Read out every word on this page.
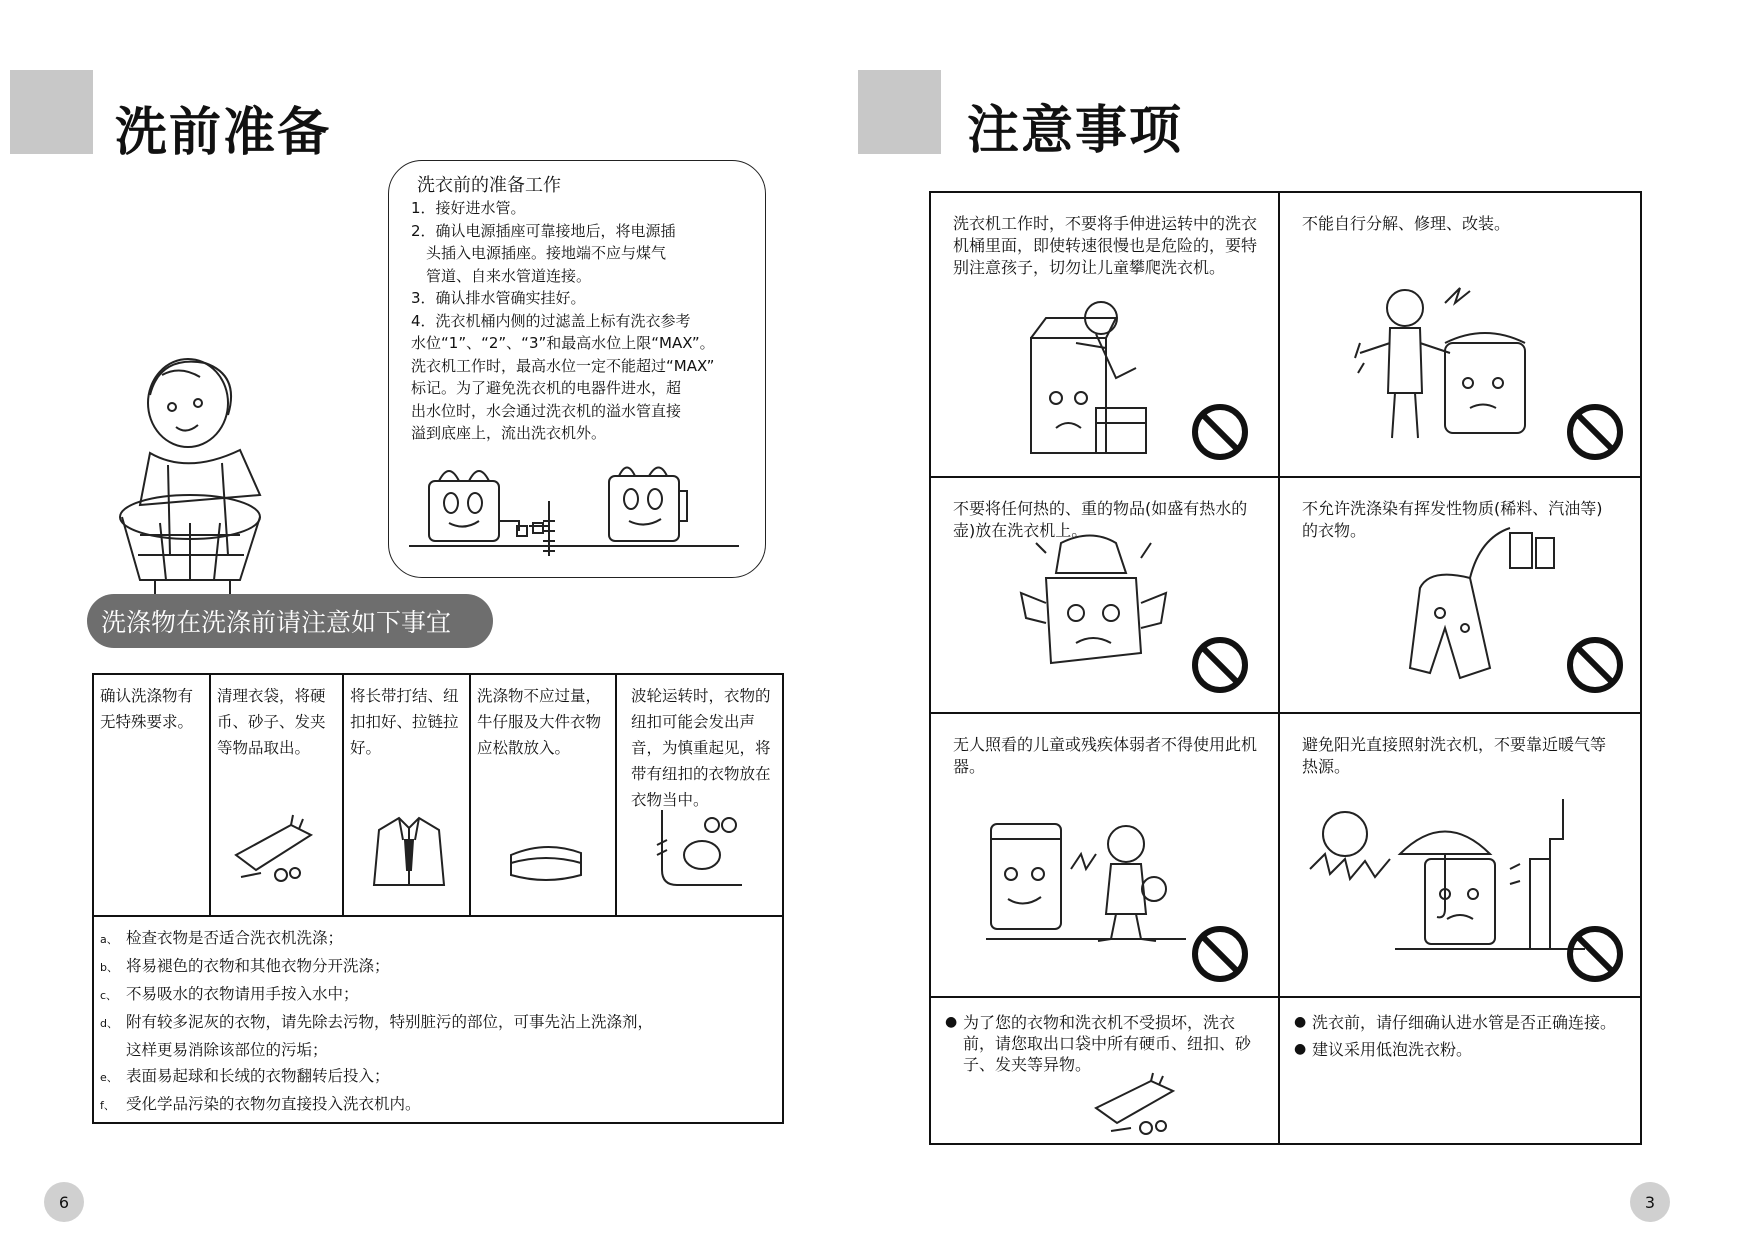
洗前准备
洗衣前的准备工作
1．接好进水管。
2．确认电源插座可靠接地后，将电源插
　头插入电源插座。接地端不应与煤气
　管道、自来水管道连接。
3．确认排水管确实挂好。
4．洗衣机桶内侧的过滤盖上标有洗衣参考
水位“1”、“2”、“3”和最高水位上限“MAX”。
洗衣机工作时，最高水位一定不能超过“MAX”
标记。为了避免洗衣机的电器件进水，超
出水位时，水会通过洗衣机的溢水管直接
溢到底座上，流出洗衣机外。
洗涤物在洗涤前请注意如下事宜
确认洗涤物有无特殊要求。
清理衣袋，将硬币、砂子、发夹等物品取出。
将长带打结、纽扣扣好、拉链拉好。
洗涤物不应过量，牛仔服及大件衣物应松散放入。
波轮运转时，衣物的纽扣可能会发出声音，为慎重起见，将带有纽扣的衣物放在衣物当中。
a、 检查衣物是否适合洗衣机洗涤；
b、 将易褪色的衣物和其他衣物分开洗涤；
c、 不易吸水的衣物请用手按入水中；
d、 附有较多泥灰的衣物，请先除去污物，特别脏污的部位，可事先沾上洗涤剂，
这样更易消除该部位的污垢；
e、 表面易起球和长绒的衣物翻转后投入；
f、 受化学品污染的衣物勿直接投入洗衣机内。
6
注意事项
洗衣机工作时，不要将手伸进运转中的洗衣机桶里面，即使转速很慢也是危险的，要特别注意孩子，切勿让儿童攀爬洗衣机。
不能自行分解、修理、改装。
不要将任何热的、重的物品(如盛有热水的壶)放在洗衣机上。
不允许洗涤染有挥发性物质(稀料、汽油等)的衣物。
无人照看的儿童或残疾体弱者不得使用此机器。
避免阳光直接照射洗衣机，不要靠近暖气等热源。
● 为了您的衣物和洗衣机不受损坏，洗衣前，请您取出口袋中所有硬币、纽扣、砂子、发夹等异物。
● 洗衣前，请仔细确认进水管是否正确连接。
● 建议采用低泡洗衣粉。
3
